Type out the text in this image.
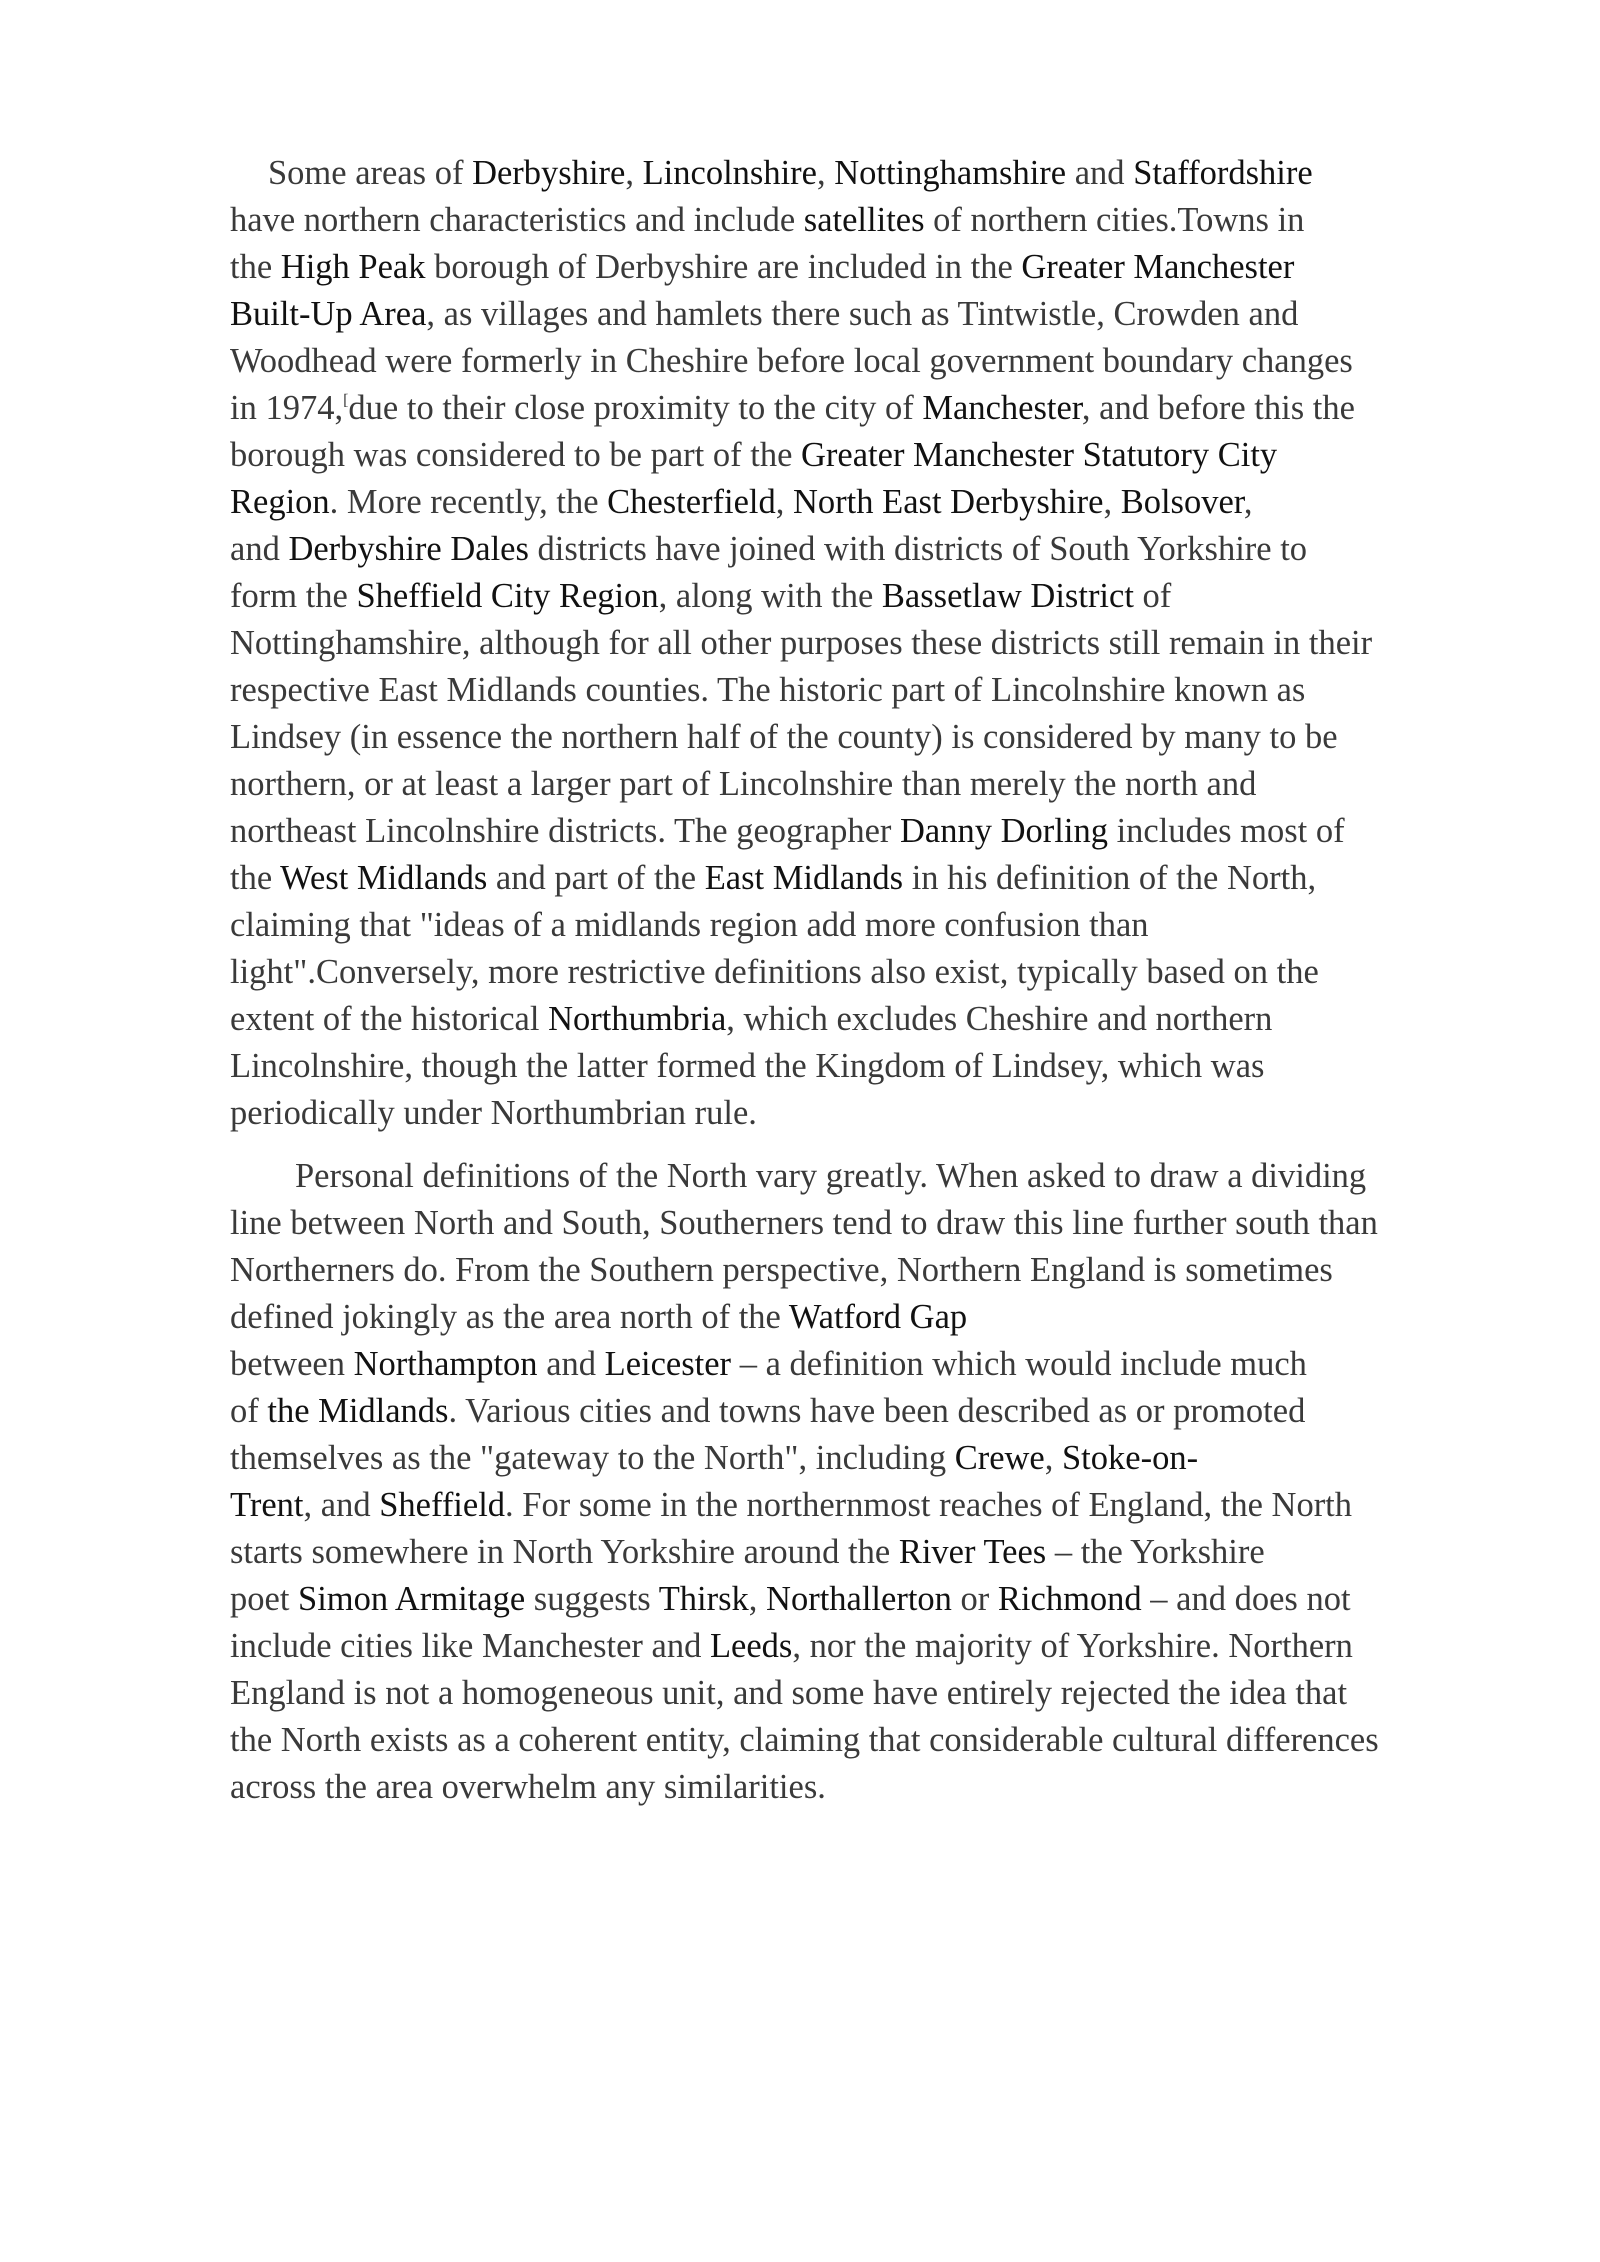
Some areas of Derbyshire, Lincolnshire, Nottinghamshire and Staffordshire
have northern characteristics and include satellites of northern cities.Towns in
the High Peak borough of Derbyshire are included in the Greater Manchester
Built-Up Area, as villages and hamlets there such as Tintwistle, Crowden and
Woodhead were formerly in Cheshire before local government boundary changes
in 1974,[due to their close proximity to the city of Manchester, and before this the
borough was considered to be part of the Greater Manchester Statutory City
Region. More recently, the Chesterfield, North East Derbyshire, Bolsover,
and Derbyshire Dales districts have joined with districts of South Yorkshire to
form the Sheffield City Region, along with the Bassetlaw District of
Nottinghamshire, although for all other purposes these districts still remain in their
respective East Midlands counties. The historic part of Lincolnshire known as
Lindsey (in essence the northern half of the county) is considered by many to be
northern, or at least a larger part of Lincolnshire than merely the north and
northeast Lincolnshire districts. The geographer Danny Dorling includes most of
the West Midlands and part of the East Midlands in his definition of the North,
claiming that "ideas of a midlands region add more confusion than
light".Conversely, more restrictive definitions also exist, typically based on the
extent of the historical Northumbria, which excludes Cheshire and northern
Lincolnshire, though the latter formed the Kingdom of Lindsey, which was
periodically under Northumbrian rule.
Personal definitions of the North vary greatly. When asked to draw a dividing
line between North and South, Southerners tend to draw this line further south than
Northerners do. From the Southern perspective, Northern England is sometimes
defined jokingly as the area north of the Watford Gap
between Northampton and Leicester – a definition which would include much
of the Midlands. Various cities and towns have been described as or promoted
themselves as the "gateway to the North", including Crewe, Stoke-on-
Trent, and Sheffield. For some in the northernmost reaches of England, the North
starts somewhere in North Yorkshire around the River Tees – the Yorkshire
poet Simon Armitage suggests Thirsk, Northallerton or Richmond – and does not
include cities like Manchester and Leeds, nor the majority of Yorkshire. Northern
England is not a homogeneous unit, and some have entirely rejected the idea that
the North exists as a coherent entity, claiming that considerable cultural differences
across the area overwhelm any similarities.
